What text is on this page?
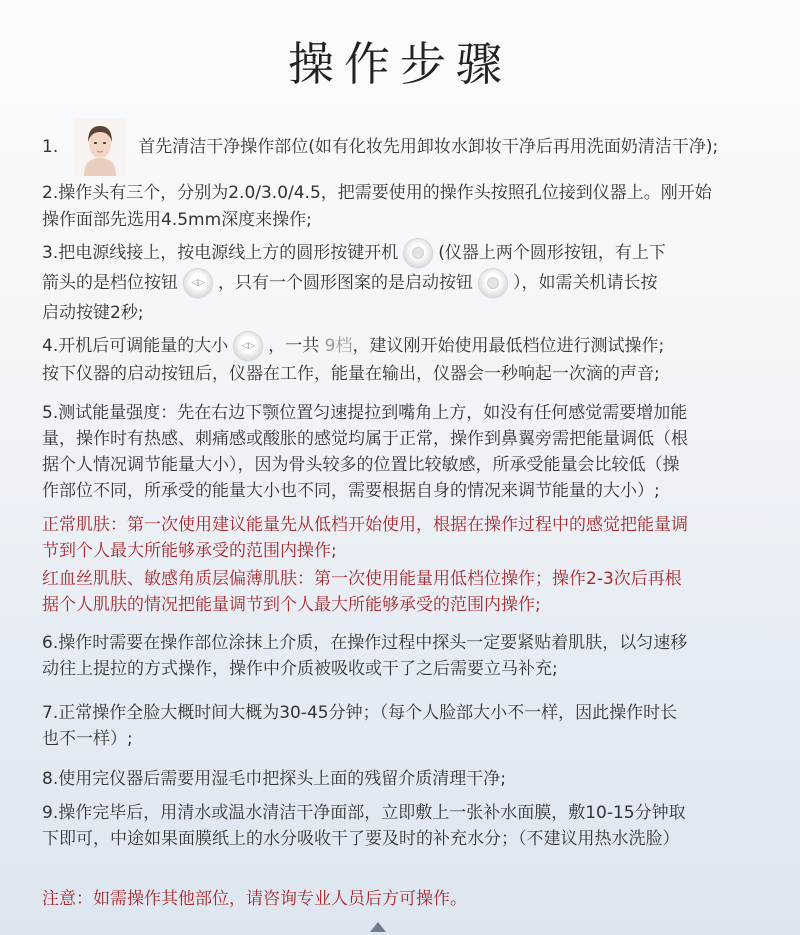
操作步骤
1.	首先清洁干净操作部位(如有化妆先用卸妆水卸妆干净后再用洗面奶清洁干净);
2.操作头有三个，分别为2.0/3.0/4.5，把需要使用的操作头按照孔位接到仪器上。刚开始
操作面部先选用4.5mm深度来操作;
3.把电源线接上，按电源线上方的圆形按键开机 (仪器上两个圆形按钮，有上下
箭头的是档位按钮 ◁▷ ，只有一个圆形图案的是启动按钮 ），如需关机请长按
启动按键2秒;
4.开机后可调能量的大小 ◁▷ ，一共 9档，建议刚开始使用最低档位进行测试操作;
按下仪器的启动按钮后，仪器在工作，能量在输出，仪器会一秒响起一次滴的声音;
5.测试能量强度：先在右边下颚位置匀速提拉到嘴角上方，如没有任何感觉需要增加能
量，操作时有热感、刺痛感或酸胀的感觉均属于正常，操作到鼻翼旁需把能量调低（根
据个人情况调节能量大小），因为骨头较多的位置比较敏感，所承受能量会比较低（操
作部位不同，所承受的能量大小也不同，需要根据自身的情况来调节能量的大小）;
正常肌肤：第一次使用建议能量先从低档开始使用，根据在操作过程中的感觉把能量调
节到个人最大所能够承受的范围内操作;
红血丝肌肤、敏感角质层偏薄肌肤：第一次使用能量用低档位操作；操作2-3次后再根
据个人肌肤的情况把能量调节到个人最大所能够承受的范围内操作;
6.操作时需要在操作部位涂抹上介质，在操作过程中探头一定要紧贴着肌肤，以匀速移
动往上提拉的方式操作，操作中介质被吸收或干了之后需要立马补充;
7.正常操作全脸大概时间大概为30-45分钟；（每个人脸部大小不一样，因此操作时长
也不一样）;
8.使用完仪器后需要用湿毛巾把探头上面的残留介质清理干净;
9.操作完毕后，用清水或温水清洁干净面部，立即敷上一张补水面膜，敷10-15分钟取
下即可，中途如果面膜纸上的水分吸收干了要及时的补充水分；（不建议用热水洗脸）
注意：如需操作其他部位，请咨询专业人员后方可操作。
